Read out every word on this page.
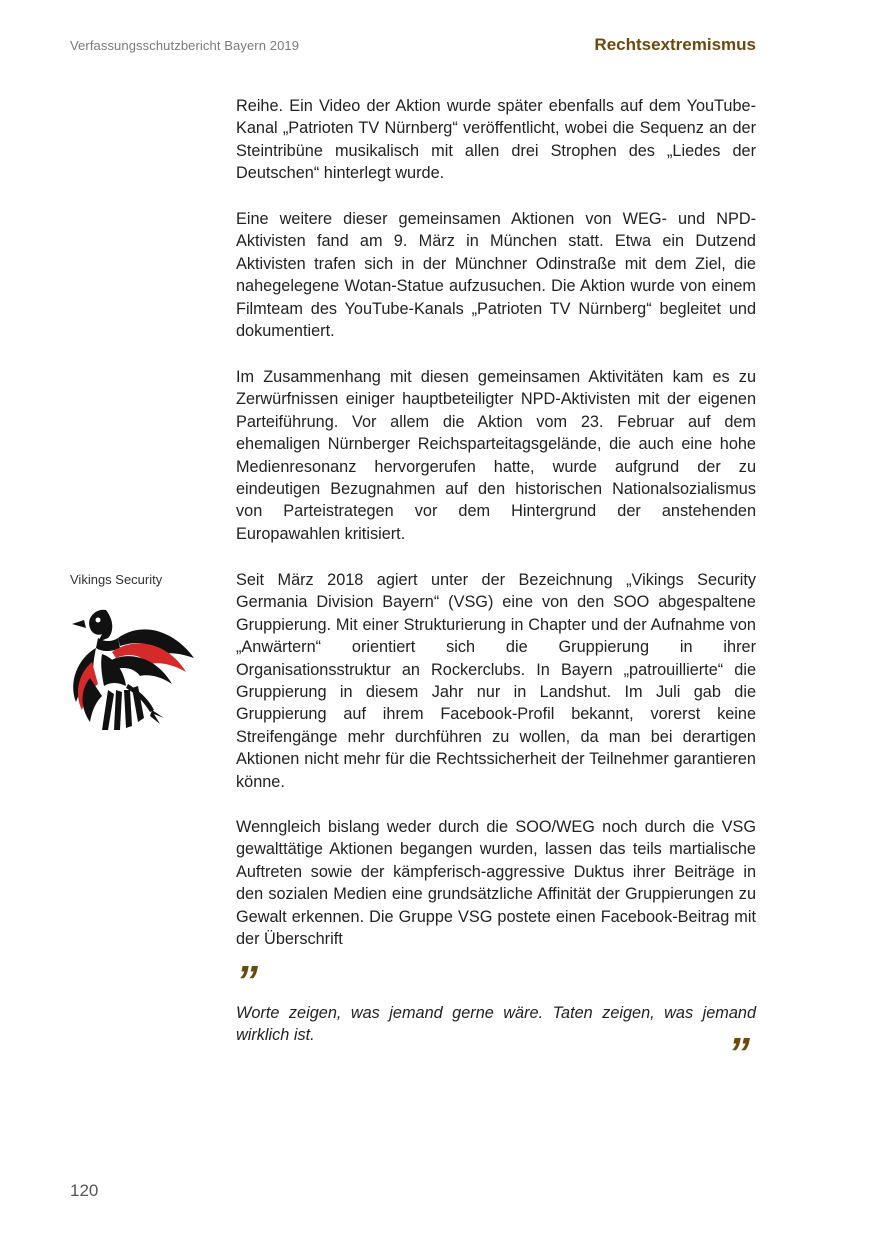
Verfassungsschutzbericht Bayern 2019	Rechtsextremismus

Reihe. Ein Video der Aktion wurde später ebenfalls auf dem YouTube-Kanal „Patrioten TV Nürnberg“ veröffentlicht, wobei die Sequenz an der Steintribüne musikalisch mit allen drei Strophen des „Liedes der Deutschen“ hinterlegt wurde.

Eine weitere dieser gemeinsamen Aktionen von WEG- und NPD-Aktivisten fand am 9. März in München statt. Etwa ein Dutzend Aktivisten trafen sich in der Münchner Odinstraße mit dem Ziel, die nahegelegene Wotan-Statue aufzusuchen. Die Aktion wurde von einem Filmteam des YouTube-Kanals „Patrioten TV Nürnberg“ begleitet und dokumentiert.

Im Zusammenhang mit diesen gemeinsamen Aktivitäten kam es zu Zerwürfnissen einiger hauptbeteiligter NPD-Aktivisten mit der eigenen Parteiführung. Vor allem die Aktion vom 23. Februar auf dem ehemaligen Nürnberger Reichsparteitagsgelände, die auch eine hohe Medienresonanz hervorgerufen hatte, wurde aufgrund der zu eindeutigen Bezugnahmen auf den historischen Nationalsozialismus von Parteistrategen vor dem Hintergrund der anstehenden Europawahlen kritisiert.

Seit März 2018 agiert unter der Bezeichnung „Vikings Security Germania Division Bayern“ (VSG) eine von den SOO abgespaltene Gruppierung. Mit einer Strukturierung in Chapter und der Aufnahme von „Anwärtern“ orientiert sich die Gruppierung in ihrer Organisationsstruktur an Rockerclubs. In Bayern „patrouillierte“ die Gruppierung in diesem Jahr nur in Landshut. Im Juli gab die Gruppierung auf ihrem Facebook-Profil bekannt, vorerst keine Streifengänge mehr durchführen zu wollen, da man bei derartigen Aktionen nicht mehr für die Rechtssicherheit der Teilnehmer garantieren könne.

Wenngleich bislang weder durch die SOO/WEG noch durch die VSG gewalttätige Aktionen begangen wurden, lassen das teils martialische Auftreten sowie der kämpferisch-aggressive Duktus ihrer Beiträge in den sozialen Medien eine grundsätzliche Affinität der Gruppierungen zu Gewalt erkennen. Die Gruppe VSG postete einen Facebook-Beitrag mit der Überschrift

Vikings Security
”
Worte zeigen, was jemand gerne wäre. Taten zeigen, was jemand wirklich ist.	”
120
